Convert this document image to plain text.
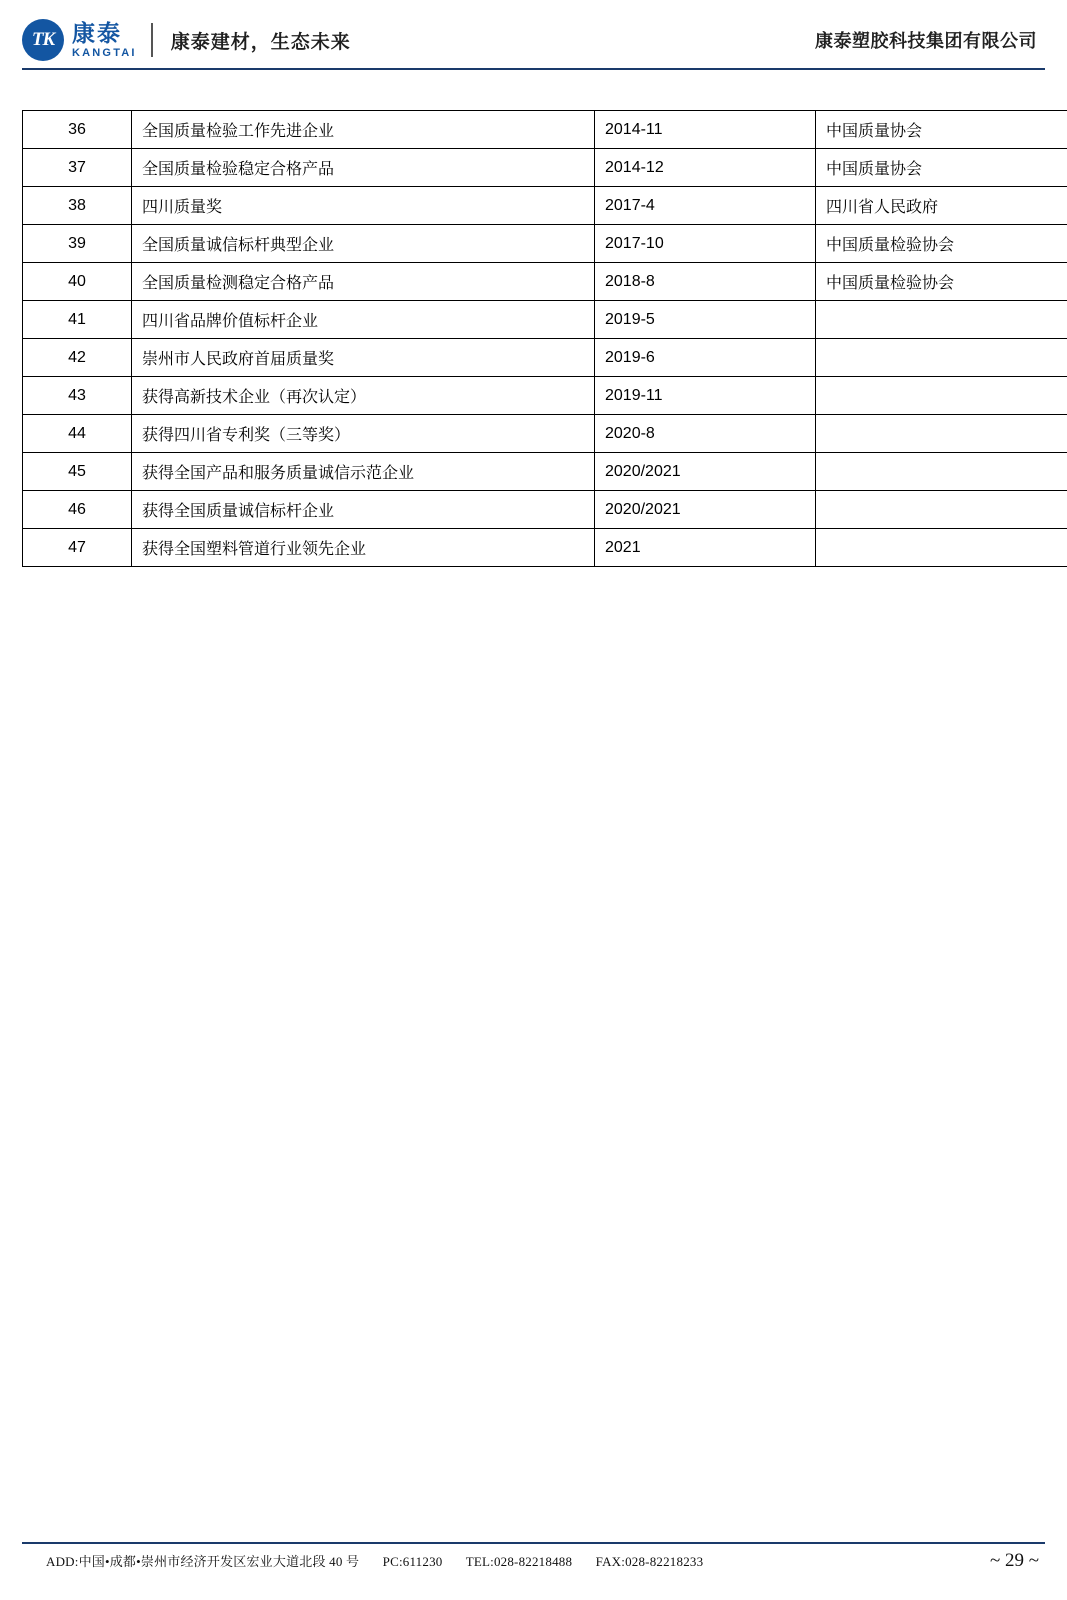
TK 康泰
KANGTAI 康泰建材，生态未来	康泰塑胶科技集团有限公司
36	全国质量检验工作先进企业	2014-11	中国质量协会
37	全国质量检验稳定合格产品	2014-12	中国质量协会
38	四川质量奖	2017-4	四川省人民政府
39	全国质量诚信标杆典型企业	2017-10	中国质量检验协会
40	全国质量检测稳定合格产品	2018-8	中国质量检验协会
41	四川省品牌价值标杆企业	2019-5	
42	崇州市人民政府首届质量奖	2019-6	
43	获得高新技术企业（再次认定）	2019-11	
44	获得四川省专利奖（三等奖）	2020-8	
45	获得全国产品和服务质量诚信示范企业	2020/2021	
46	获得全国质量诚信标杆企业	2020/2021	
47	获得全国塑料管道行业领先企业	2021	
ADD:中国•成都•崇州市经济开发区宏业大道北段 40 号 PC:611230 TEL:028-82218488 FAX:028-82218233	~ 29 ~
